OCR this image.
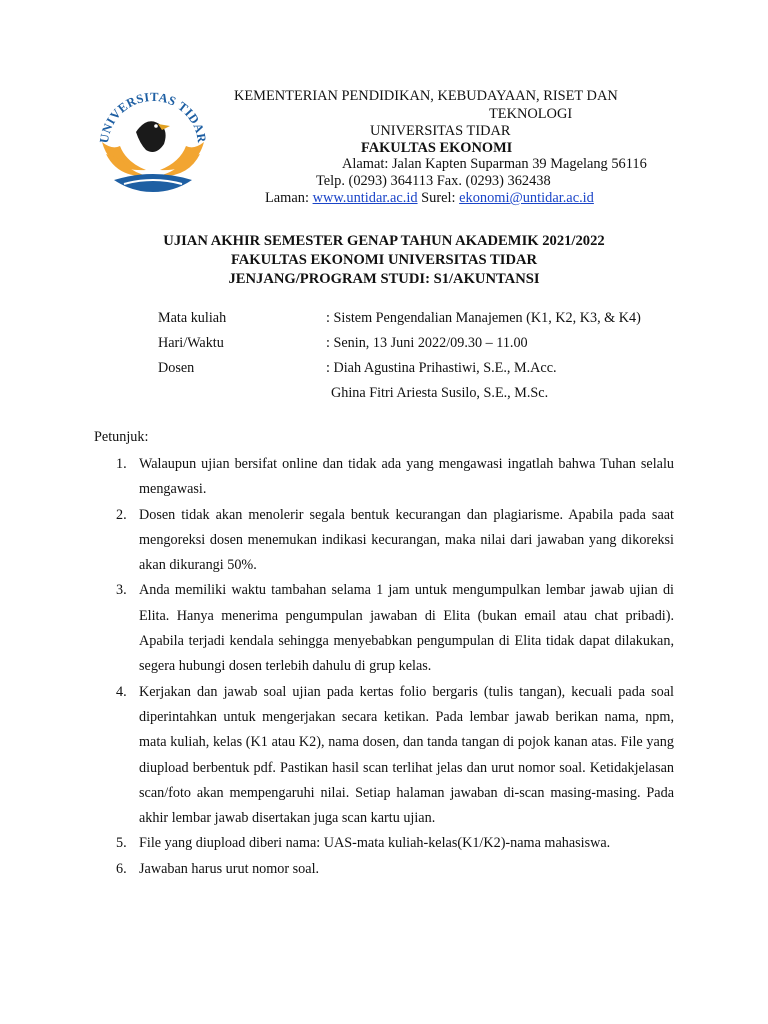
UNIVERSITAS TIDAR
KEMENTERIAN PENDIDIKAN, KEBUDAYAAN, RISET DAN
TEKNOLOGI
UNIVERSITAS TIDAR
FAKULTAS EKONOMI
Alamat: Jalan Kapten Suparman 39 Magelang 56116
Telp. (0293) 364113 Fax. (0293) 362438
Laman: www.untidar.ac.id Surel: ekonomi@untidar.ac.id
UJIAN AKHIR SEMESTER GENAP TAHUN AKADEMIK 2021/2022
FAKULTAS EKONOMI UNIVERSITAS TIDAR
JENJANG/PROGRAM STUDI: S1/AKUNTANSI
Mata kuliah	: Sistem Pengendalian Manajemen (K1, K2, K3, & K4)
Hari/Waktu	: Senin, 13 Juni 2022/09.30 – 11.00
Dosen	: Diah Agustina Prihastiwi, S.E., M.Acc.
Ghina Fitri Ariesta Susilo, S.E., M.Sc.
Petunjuk:
1. Walaupun ujian bersifat online dan tidak ada yang mengawasi ingatlah bahwa Tuhan selalu mengawasi.
2. Dosen tidak akan menolerir segala bentuk kecurangan dan plagiarisme. Apabila pada saat mengoreksi dosen menemukan indikasi kecurangan, maka nilai dari jawaban yang dikoreksi akan dikurangi 50%.
3. Anda memiliki waktu tambahan selama 1 jam untuk mengumpulkan lembar jawab ujian di Elita. Hanya menerima pengumpulan jawaban di Elita (bukan email atau chat pribadi). Apabila terjadi kendala sehingga menyebabkan pengumpulan di Elita tidak dapat dilakukan, segera hubungi dosen terlebih dahulu di grup kelas.
4. Kerjakan dan jawab soal ujian pada kertas folio bergaris (tulis tangan), kecuali pada soal diperintahkan untuk mengerjakan secara ketikan. Pada lembar jawab berikan nama, npm, mata kuliah, kelas (K1 atau K2), nama dosen, dan tanda tangan di pojok kanan atas. File yang diupload berbentuk pdf. Pastikan hasil scan terlihat jelas dan urut nomor soal. Ketidakjelasan scan/foto akan mempengaruhi nilai. Setiap halaman jawaban di-scan masing-masing. Pada akhir lembar jawab disertakan juga scan kartu ujian.
5. File yang diupload diberi nama: UAS-mata kuliah-kelas(K1/K2)-nama mahasiswa.
6. Jawaban harus urut nomor soal.
